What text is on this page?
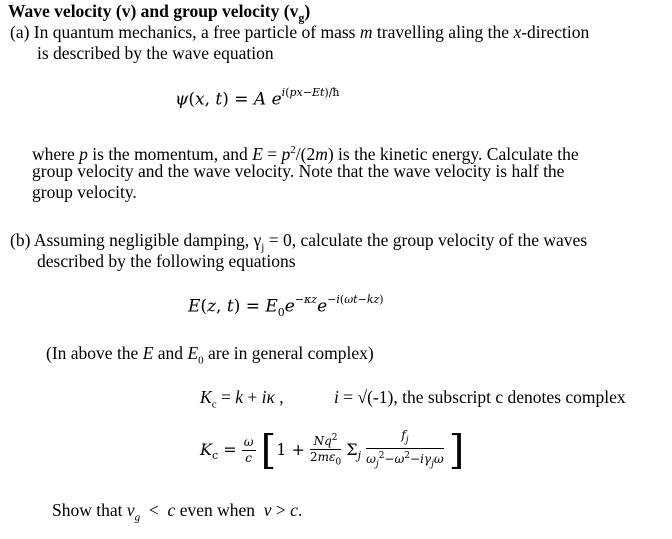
Wave velocity (v) and group velocity $(v_g)$
(a) In quantum mechanics, a free particle of mass m travelling aling the x-direction
is described by the wave equation
ψ(x, t) = A $e^{i(px-Et)/ħ}$
where p is the momentum, and $E = p^2/(2m)$ is the kinetic energy. Calculate the
group velocity and the wave velocity. Note that the wave velocity is half the
group velocity.
(b) Assuming negligible damping, $\gamma_j = 0$, calculate the group velocity of the waves
described by the following equations
E(z, $t) = E_0e^{-\kappa z}e^{-i(\omega t-kz)}$
(In above the E and $E_0$ are in general complex)
$K_c = k + i\kappa$ ,	i = √(-1), the subscript c denotes complex
$K_c = \frac{\omega}{c} [1 + \frac{Nq^2}{2m\varepsilon_0} \Sigma_j \frac{f_j}{\omega_j^2-\omega^2-i\gamma_j\omega}$ ]
Show that $v_g < c$ even when  v > c.
